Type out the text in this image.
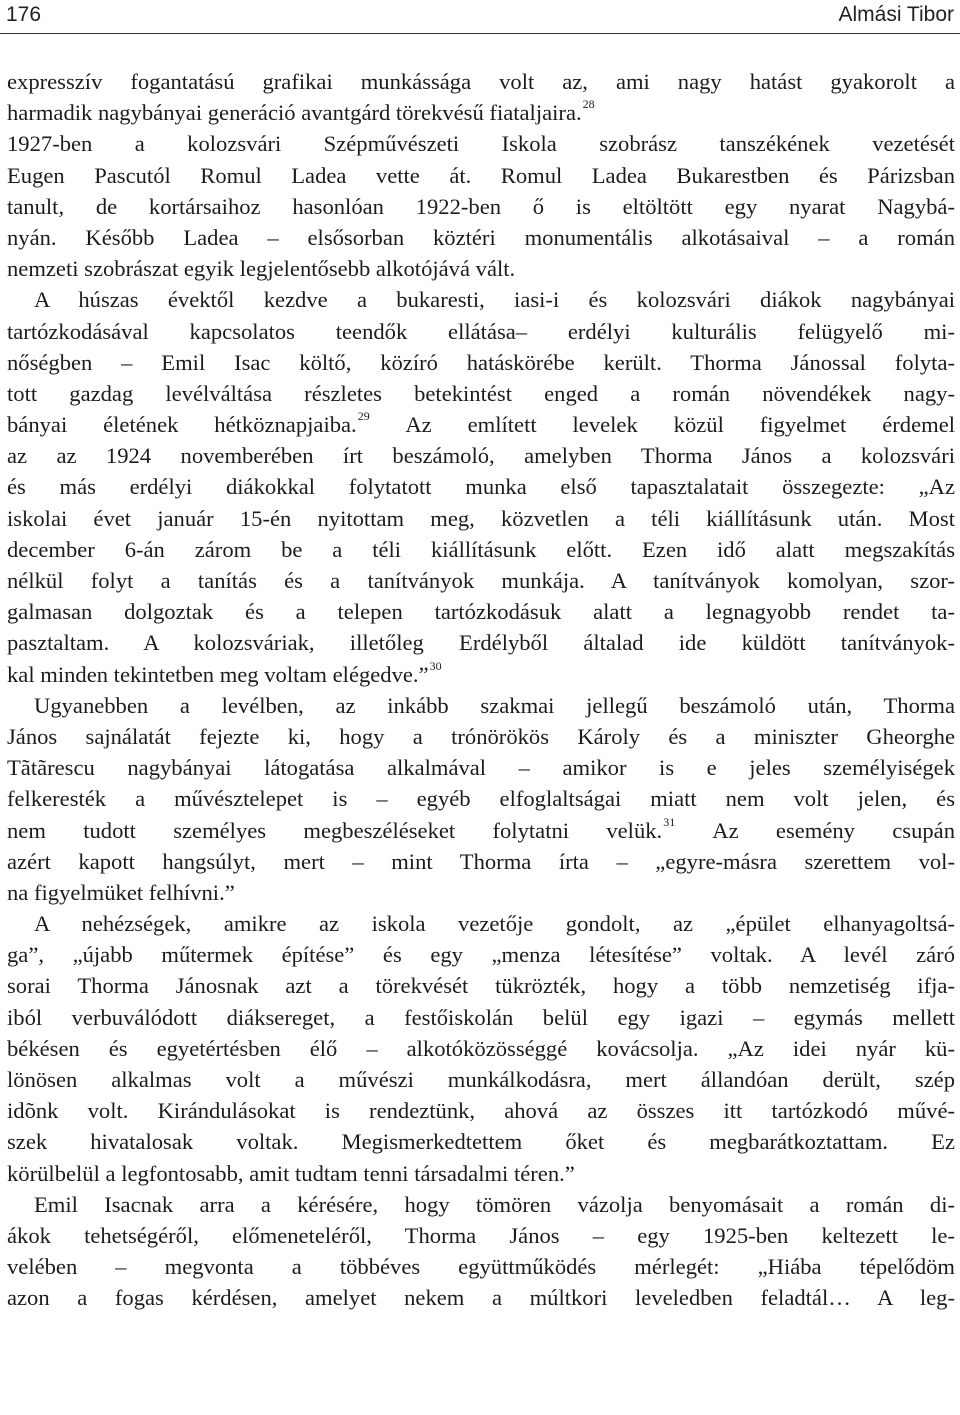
176	Almási Tibor
expresszív fogantatású grafikai munkássága volt az, ami nagy hatást gyakorolt a
harmadik nagybányai generáció avantgárd törekvésű fiataljaira.$^{28}$
1927-ben a kolozsvári Szépművészeti Iskola szobrász tanszékének vezetését
Eugen Pascutól Romul Ladea vette át. Romul Ladea Bukarestben és Párizsban
tanult, de kortársaihoz hasonlóan 1922-ben ő is eltöltött egy nyarat Nagybá-
nyán. Később Ladea – elsősorban köztéri monumentális alkotásaival – a román
nemzeti szobrászat egyik legjelentősebb alkotójává vált.
A húszas évektől kezdve a bukaresti, iasi-i és kolozsvári diákok nagybányai
tartózkodásával kapcsolatos teendők ellátása– erdélyi kulturális felügyelő mi-
nőségben – Emil Isac költő, közíró hatáskörébe került. Thorma Jánossal folyta-
tott gazdag levélváltása részletes betekintést enged a román növendékek nagy-
bányai életének hétköznapjaiba.$^{29}$ Az említett levelek közül figyelmet érdemel
az az 1924 novemberében írt beszámoló, amelyben Thorma János a kolozsvári
és más erdélyi diákokkal folytatott munka első tapasztalatait összegezte: „Az
iskolai évet január 15-én nyitottam meg, közvetlen a téli kiállításunk után. Most
december 6-án zárom be a téli kiállításunk előtt. Ezen idő alatt megszakítás
nélkül folyt a tanítás és a tanítványok munkája. A tanítványok komolyan, szor-
galmasan dolgoztak és a telepen tartózkodásuk alatt a legnagyobb rendet ta-
pasztaltam. A kolozsváriak, illetőleg Erdélyből általad ide küldött tanítványok-
kal minden tekintetben meg voltam elégedve.”$^{30}$
Ugyanebben a levélben, az inkább szakmai jellegű beszámoló után, Thorma
János sajnálatát fejezte ki, hogy a trónörökös Károly és a miniszter Gheorghe
Tãtãrescu nagybányai látogatása alkalmával – amikor is e jeles személyiségek
felkeresték a művésztelepet is – egyéb elfoglaltságai miatt nem volt jelen, és
nem tudott személyes megbeszéléseket folytatni velük.$^{31}$ Az esemény csupán
azért kapott hangsúlyt, mert – mint Thorma írta – „egyre-másra szerettem vol-
na figyelmüket felhívni.”
A nehézségek, amikre az iskola vezetője gondolt, az „épület elhanyagoltsá-
ga”, „újabb műtermek építése” és egy „menza létesítése” voltak. A levél záró
sorai Thorma Jánosnak azt a törekvését tükrözték, hogy a több nemzetiség ifja-
iból verbuválódott diáksereget, a festőiskolán belül egy igazi – egymás mellett
békésen és egyetértésben élő – alkotóközösséggé kovácsolja. „Az idei nyár kü-
lönösen alkalmas volt a művészi munkálkodásra, mert állandóan derült, szép
idõnk volt. Kirándulásokat is rendeztünk, ahová az összes itt tartózkodó művé-
szek hivatalosak voltak. Megismerkedtettem őket és megbarátkoztattam. Ez
körülbelül a legfontosabb, amit tudtam tenni társadalmi téren.”
Emil Isacnak arra a kérésére, hogy tömören vázolja benyomásait a román di-
ákok tehetségéről, előmeneteléről, Thorma János – egy 1925-ben keltezett le-
velében – megvonta a többéves együttműködés mérlegét: „Hiába tépelődöm
azon a fogas kérdésen, amelyet nekem a múltkori leveledben feladtál… A leg-
